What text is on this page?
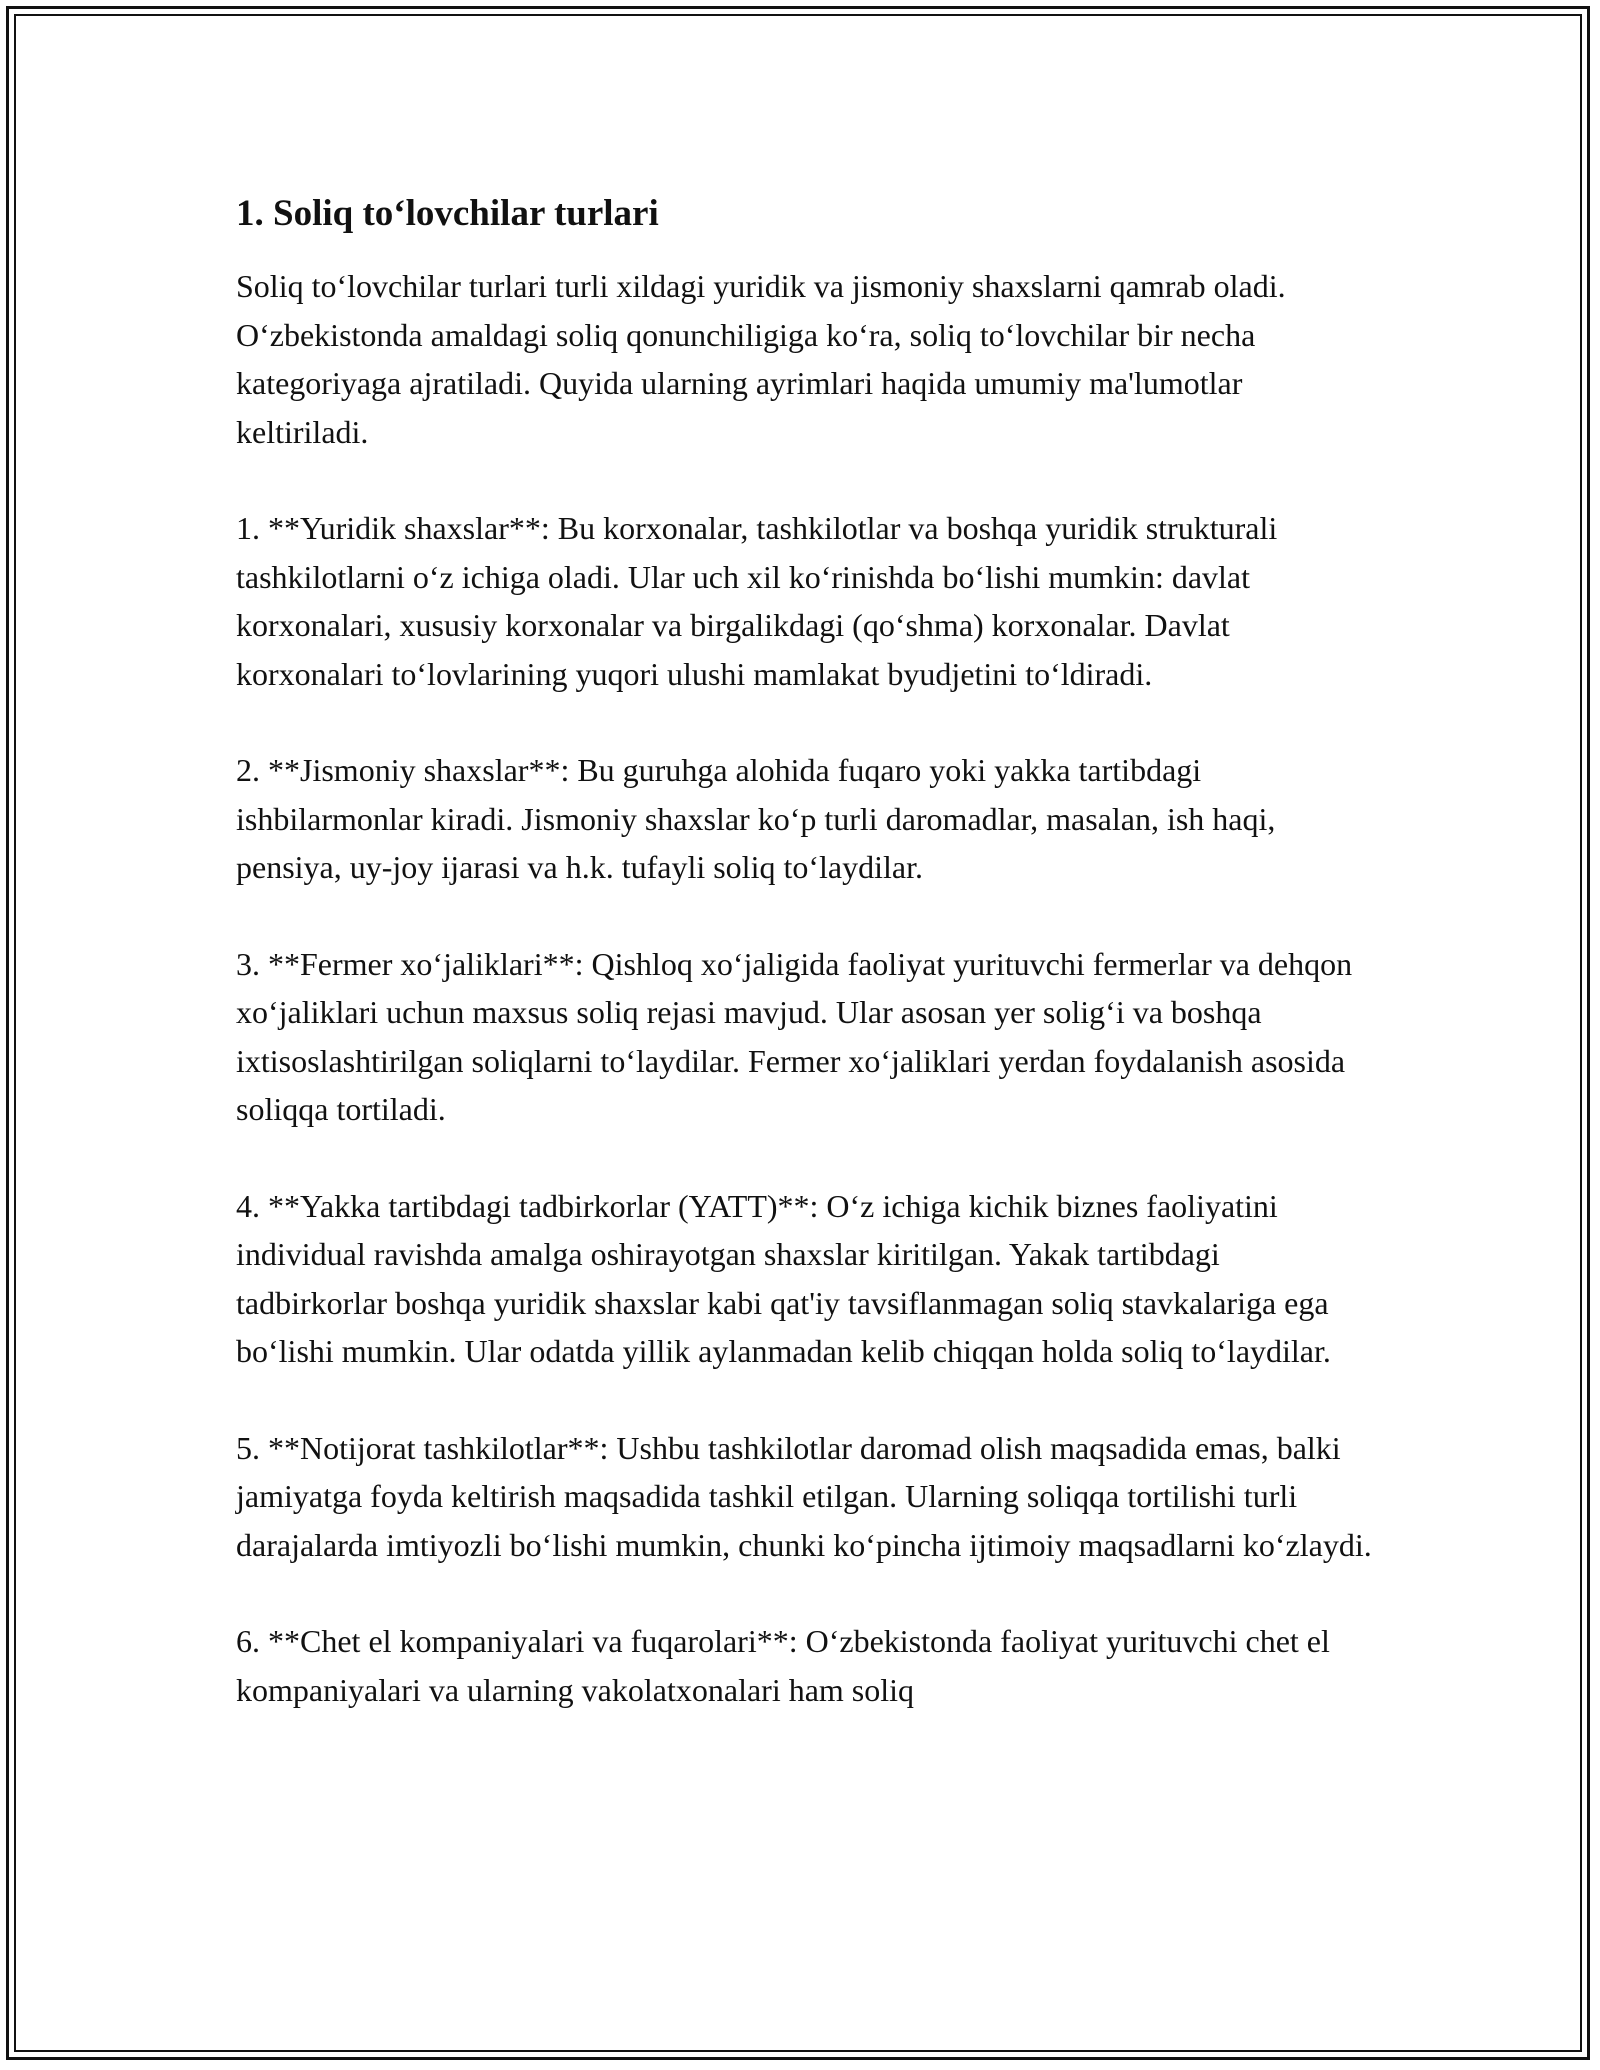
1. Soliq to‘lovchilar turlari

Soliq to‘lovchilar turlari turli xildagi yuridik va jismoniy shaxslarni qamrab oladi. O‘zbekistonda amaldagi soliq qonunchiligiga ko‘ra, soliq to‘lovchilar bir necha kategoriyaga ajratiladi. Quyida ularning ayrimlari haqida umumiy ma'lumotlar keltiriladi.

1. **Yuridik shaxslar**: Bu korxonalar, tashkilotlar va boshqa yuridik strukturali tashkilotlarni o‘z ichiga oladi. Ular uch xil ko‘rinishda bo‘lishi mumkin: davlat korxonalari, xususiy korxonalar va birgalikdagi (qo‘shma) korxonalar. Davlat korxonalari to‘lovlarining yuqori ulushi mamlakat byudjetini to‘ldiradi.

2. **Jismoniy shaxslar**: Bu guruhga alohida fuqaro yoki yakka tartibdagi ishbilarmonlar kiradi. Jismoniy shaxslar ko‘p turli daromadlar, masalan, ish haqi, pensiya, uy-joy ijarasi va h.k. tufayli soliq to‘laydilar.

3. **Fermer xo‘jaliklari**: Qishloq xo‘jaligida faoliyat yurituvchi fermerlar va dehqon xo‘jaliklari uchun maxsus soliq rejasi mavjud. Ular asosan yer solig‘i va boshqa ixtisoslashtirilgan soliqlarni to‘laydilar. Fermer xo‘jaliklari yerdan foydalanish asosida soliqqa tortiladi.

4. **Yakka tartibdagi tadbirkorlar (YATT)**: O‘z ichiga kichik biznes faoliyatini individual ravishda amalga oshirayotgan shaxslar kiritilgan. Yakak tartibdagi tadbirkorlar boshqa yuridik shaxslar kabi qat'iy tavsiflanmagan soliq stavkalariga ega bo‘lishi mumkin. Ular odatda yillik aylanmadan kelib chiqqan holda soliq to‘laydilar.

5. **Notijorat tashkilotlar**: Ushbu tashkilotlar daromad olish maqsadida emas, balki jamiyatga foyda keltirish maqsadida tashkil etilgan. Ularning soliqqa tortilishi turli darajalarda imtiyozli bo‘lishi mumkin, chunki ko‘pincha ijtimoiy maqsadlarni ko‘zlaydi.

6. **Chet el kompaniyalari va fuqarolari**: O‘zbekistonda faoliyat yurituvchi chet el kompaniyalari va ularning vakolatxonalari ham soliq
